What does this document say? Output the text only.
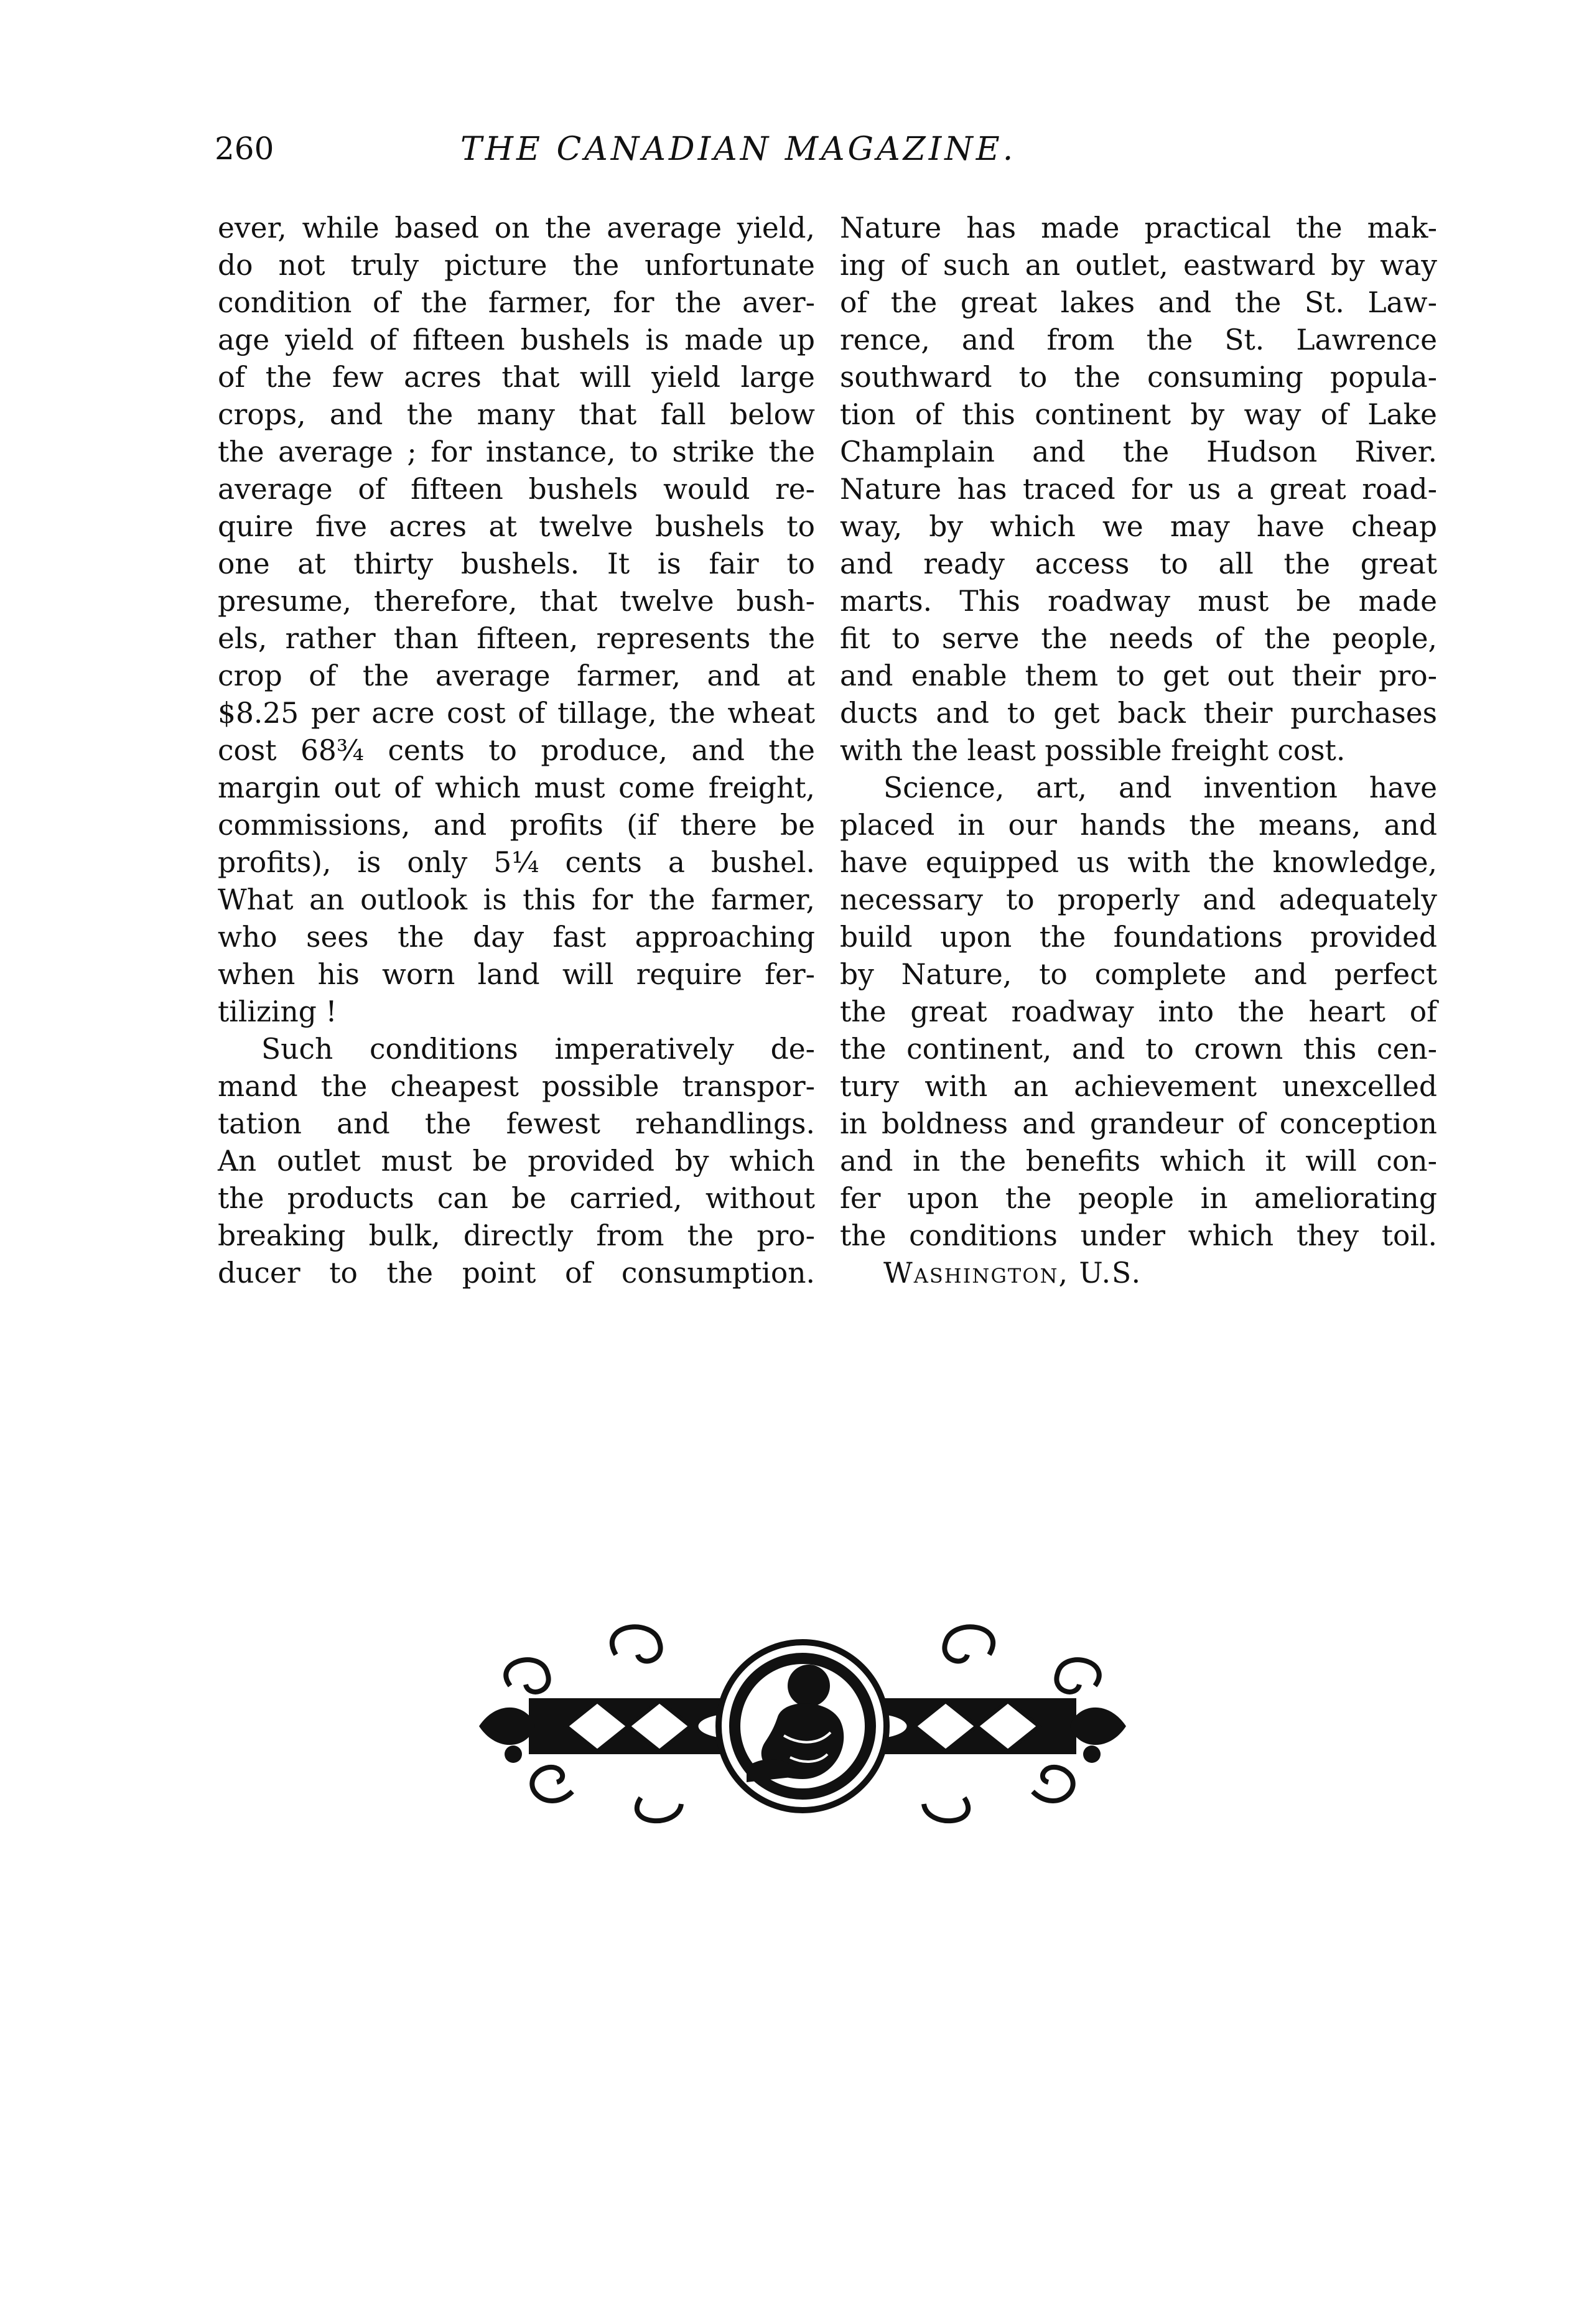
260	THE CANADIAN MAGAZINE.
ever, while based on the average yield,
do not truly picture the unfortunate
condition of the farmer, for the aver-
age yield of fifteen bushels is made up
of the few acres that will yield large
crops, and the many that fall below
the average ; for instance, to strike the
average of fifteen bushels would re-
quire five acres at twelve bushels to
one at thirty bushels. It is fair to
presume, therefore, that twelve bush-
els, rather than fifteen, represents the
crop of the average farmer, and at
$8.25 per acre cost of tillage, the wheat
cost 68¾ cents to produce, and the
margin out of which must come freight,
commissions, and profits (if there be
profits), is only 5¼ cents a bushel.
What an outlook is this for the farmer,
who sees the day fast approaching
when his worn land will require fer-
tilizing !
Such conditions imperatively de-
mand the cheapest possible transpor-
tation and the fewest rehandlings.
An outlet must be provided by which
the products can be carried, without
breaking bulk, directly from the pro-
ducer to the point of consumption.
Nature has made practical the mak-
ing of such an outlet, eastward by way
of the great lakes and the St. Law-
rence, and from the St. Lawrence
southward to the consuming popula-
tion of this continent by way of Lake
Champlain and the Hudson River.
Nature has traced for us a great road-
way, by which we may have cheap
and ready access to all the great
marts. This roadway must be made
fit to serve the needs of the people,
and enable them to get out their pro-
ducts and to get back their purchases
with the least possible freight cost.
Science, art, and invention have
placed in our hands the means, and
have equipped us with the knowledge,
necessary to properly and adequately
build upon the foundations provided
by Nature, to complete and perfect
the great roadway into the heart of
the continent, and to crown this cen-
tury with an achievement unexcelled
in boldness and grandeur of conception
and in the benefits which it will con-
fer upon the people in ameliorating
the conditions under which they toil.
Washington, U.S.
